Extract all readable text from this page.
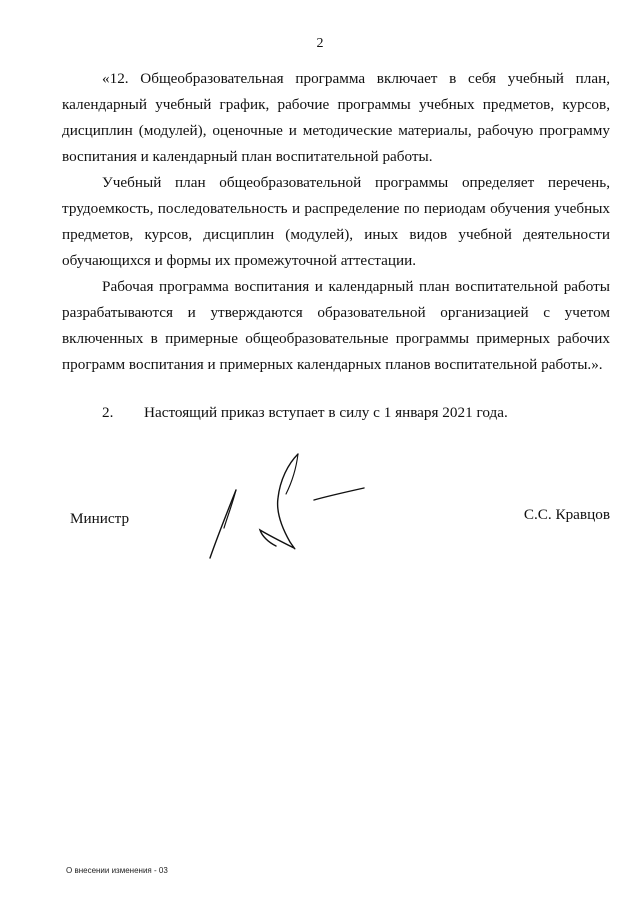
2

«12. Общеобразовательная программа включает в себя учебный план, календарный учебный график, рабочие программы учебных предметов, курсов, дисциплин (модулей), оценочные и методические материалы, рабочую программу воспитания и календарный план воспитательной работы.

Учебный план общеобразовательной программы определяет перечень, трудоемкость, последовательность и распределение по периодам обучения учебных предметов, курсов, дисциплин (модулей), иных видов учебной деятельности обучающихся и формы их промежуточной аттестации.

Рабочая программа воспитания и календарный план воспитательной работы разрабатываются и утверждаются образовательной организацией с учетом включенных в примерные общеобразовательные программы примерных рабочих программ воспитания и примерных календарных планов воспитательной работы.».

2. Настоящий приказ вступает в силу с 1 января 2021 года.

Министр	С.С. Кравцов
О внесении изменения - 03
